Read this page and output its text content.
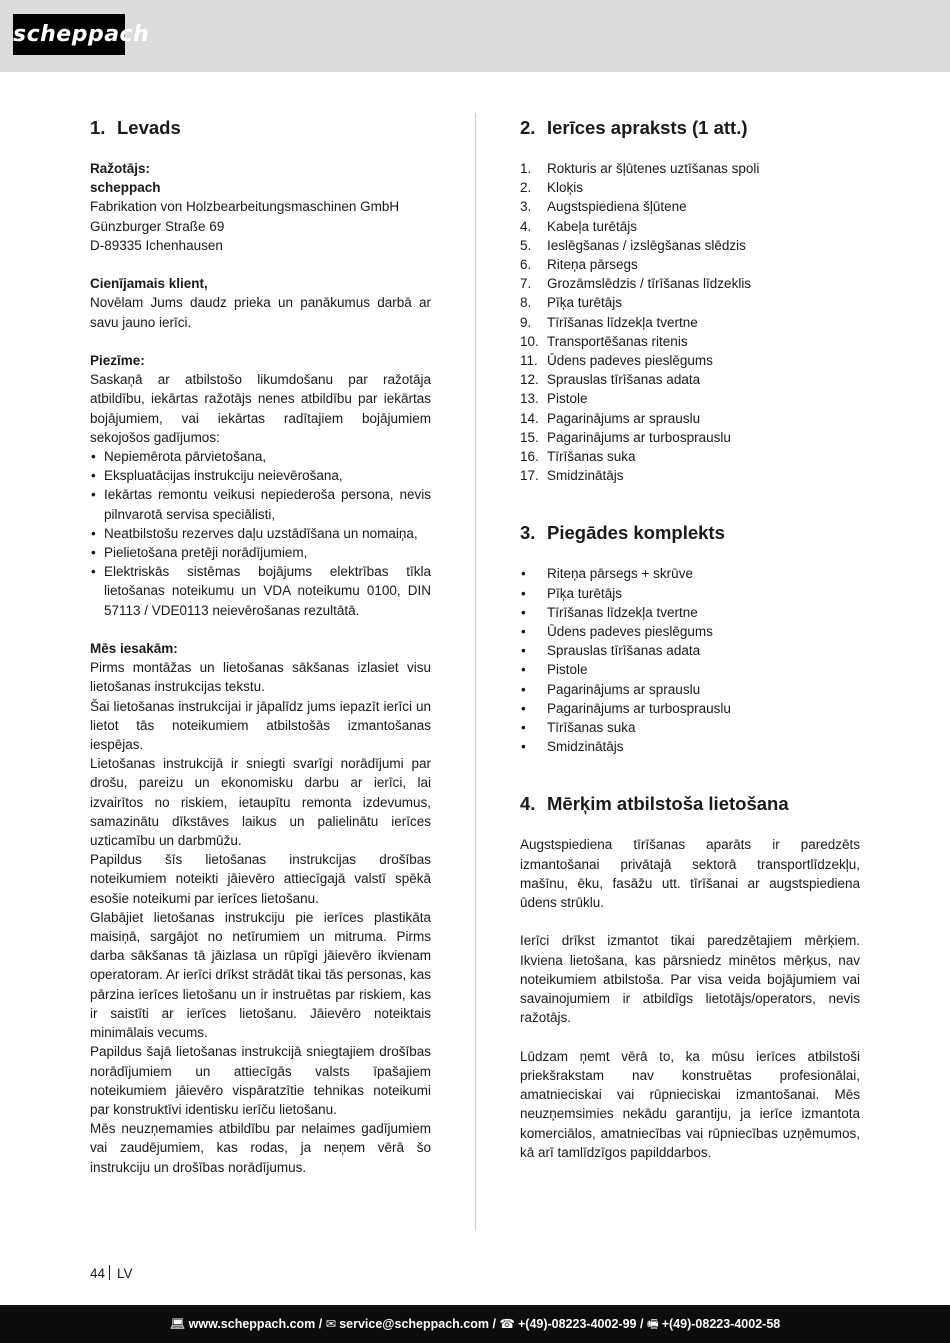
scheppach
1. Levads
Ražotājs:
scheppach
Fabrikation von Holzbearbeitungsmaschinen GmbH
Günzburger Straße 69
D-89335 Ichenhausen
Cienījamais klient,
Novēlam Jums daudz prieka un panākumus darbā ar savu jauno ierīci.
Piezīme:
Saskaņā ar atbilstošo likumdošanu par ražotāja atbildību, iekārtas ražotājs nenes atbildību par iekārtas bojājumiem, vai iekārtas radītajiem bojājumiem sekojošos gadījumos:
• Nepiemērota pārvietošana,
• Ekspluatācijas instrukciju neievērošana,
• Iekārtas remontu veikusi nepiederoša persona, nevis pilnvarotā servisa speciālisti,
• Neatbilstošu rezerves daļu uzstādīšana un nomaiņa,
• Pielietošana pretēji norādījumiem,
• Elektriskās sistēmas bojājums elektrības tīkla lietošanas noteikumu un VDA noteikumu 0100, DIN 57113 / VDE0113 neievērošanas rezultātā.
Mēs iesakām:
Pirms montāžas un lietošanas sākšanas izlasiet visu lietošanas instrukcijas tekstu.
Šai lietošanas instrukcijai ir jāpalīdz jums iepazīt ierīci un lietot tās noteikumiem atbilstošās izmantošanas iespējas.
Lietošanas instrukcijā ir sniegti svarīgi norādījumi par drošu, pareizu un ekonomisku darbu ar ierīci, lai izvairītos no riskiem, ietaupītu remonta izdevumus, samazinātu dīkstāves laikus un palielinātu ierīces uzticamību un darbmūžu.
Papildus šīs lietošanas instrukcijas drošības noteikumiem noteikti jāievēro attiecīgajā valstī spēkā esošie noteikumi par ierīces lietošanu.
Glabājiet lietošanas instrukciju pie ierīces plastikāta maisiņā, sargājot no netīrumiem un mitruma. Pirms darba sākšanas tā jāizlasa un rūpīgi jāievēro ikvienam operatoram. Ar ierīci drīkst strādāt tikai tās personas, kas pārzina ierīces lietošanu un ir instruētas par riskiem, kas ir saistīti ar ierīces lietošanu. Jāievēro noteiktais minimālais vecums.
Papildus šajā lietošanas instrukcijā sniegtajiem drošības norādījumiem un attiecīgās valsts īpašajiem noteikumiem jāievēro vispāratzītie tehnikas noteikumi par konstruktīvi identisku ierīču lietošanu.
Mēs neuzņemamies atbildību par nelaimes gadījumiem vai zaudējumiem, kas rodas, ja neņem vērā šo instrukciju un drošības norādījumus.
2. Ierīces apraksts (1 att.)
1.	Rokturis ar šļūtenes uztīšanas spoli
2.	Kloķis
3.	Augstspiediena šļūtene
4.	Kabeļa turētājs
5.	Ieslēgšanas / izslēgšanas slēdzis
6.	Riteņa pārsegs
7.	Grozāmslēdzis / tīrīšanas līdzeklis
8.	Pīķa turētājs
9.	Tīrīšanas līdzekļa tvertne
10. Transportēšanas ritenis
11. Ūdens padeves pieslēgums
12. Sprauslas tīrīšanas adata
13. Pistole
14. Pagarinājums ar sprauslu
15. Pagarinājums ar turbosprauslu
16. Tīrīšanas suka
17. Smidzinātājs
3. Piegādes komplekts
• Riteņa pārsegs + skrūve
• Pīķa turētājs
• Tīrīšanas līdzekļa tvertne
• Ūdens padeves pieslēgums
• Sprauslas tīrīšanas adata
• Pistole
• Pagarinājums ar sprauslu
• Pagarinājums ar turbosprauslu
• Tīrīšanas suka
• Smidzinātājs
4. Mērķim atbilstoša lietošana
Augstspiediena tīrīšanas aparāts ir paredzēts izmantošanai privātajā sektorā transportlīdzekļu, mašīnu, ēku, fasāžu utt. tīrīšanai ar augstspiediena ūdens strūklu.
Ierīci drīkst izmantot tikai paredzētajiem mērķiem. Ikviena lietošana, kas pārsniedz minētos mērķus, nav noteikumiem atbilstoša. Par visa veida bojājumiem vai savainojumiem ir atbildīgs lietotājs/operators, nevis ražotājs.
Lūdzam ņemt vērā to, ka mūsu ierīces atbilstoši priekšrakstam nav konstruētas profesionālai, amatnieciskai vai rūpnieciskai izmantošanai. Mēs neuzņemsimies nekādu garantiju, ja ierīce izmantota komerciālos, amatniecības vai rūpniecības uzņēmumos, kā arī tamlīdzīgos papilddarbos.
44 LV
💻︎ www.scheppach.com / ✉︎ service@scheppach.com / ☎︎ +(49)-08223-4002-99 / 🖷︎ +(49)-08223-4002-58
